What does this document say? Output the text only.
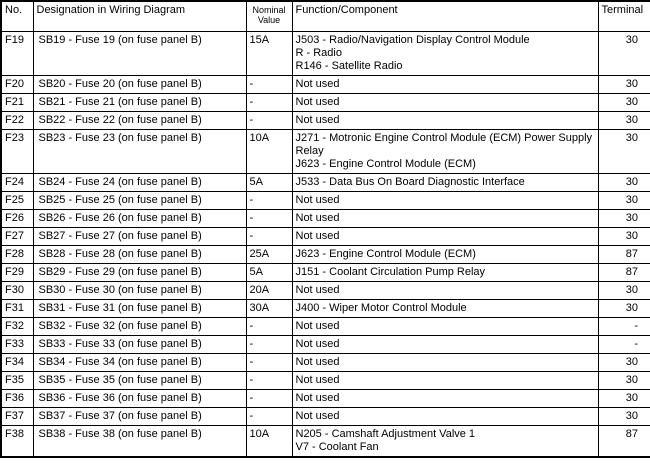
No.	Designation in Wiring Diagram	Nominal
Value	Function/Component	Terminal
F19	SB19 - Fuse 19 (on fuse panel B)	15A	J503 - Radio/Navigation Display Control Module
R - Radio
R146 - Satellite Radio	30
F20	SB20 - Fuse 20 (on fuse panel B)	-	Not used	30
F21	SB21 - Fuse 21 (on fuse panel B)	-	Not used	30
F22	SB22 - Fuse 22 (on fuse panel B)	-	Not used	30
F23	SB23 - Fuse 23 (on fuse panel B)	10A	J271 - Motronic Engine Control Module (ECM) Power Supply Relay
J623 - Engine Control Module (ECM)	30
F24	SB24 - Fuse 24 (on fuse panel B)	5A	J533 - Data Bus On Board Diagnostic Interface	30
F25	SB25 - Fuse 25 (on fuse panel B)	-	Not used	30
F26	SB26 - Fuse 26 (on fuse panel B)	-	Not used	30
F27	SB27 - Fuse 27 (on fuse panel B)	-	Not used	30
F28	SB28 - Fuse 28 (on fuse panel B)	25A	J623 - Engine Control Module (ECM)	87
F29	SB29 - Fuse 29 (on fuse panel B)	5A	J151 - Coolant Circulation Pump Relay	87
F30	SB30 - Fuse 30 (on fuse panel B)	20A	Not used	30
F31	SB31 - Fuse 31 (on fuse panel B)	30A	J400 - Wiper Motor Control Module	30
F32	SB32 - Fuse 32 (on fuse panel B)	-	Not used	-
F33	SB33 - Fuse 33 (on fuse panel B)	-	Not used	-
F34	SB34 - Fuse 34 (on fuse panel B)	-	Not used	30
F35	SB35 - Fuse 35 (on fuse panel B)	-	Not used	30
F36	SB36 - Fuse 36 (on fuse panel B)	-	Not used	30
F37	SB37 - Fuse 37 (on fuse panel B)	-	Not used	30
F38	SB38 - Fuse 38 (on fuse panel B)	10A	N205 - Camshaft Adjustment Valve 1
V7 - Coolant Fan	87
